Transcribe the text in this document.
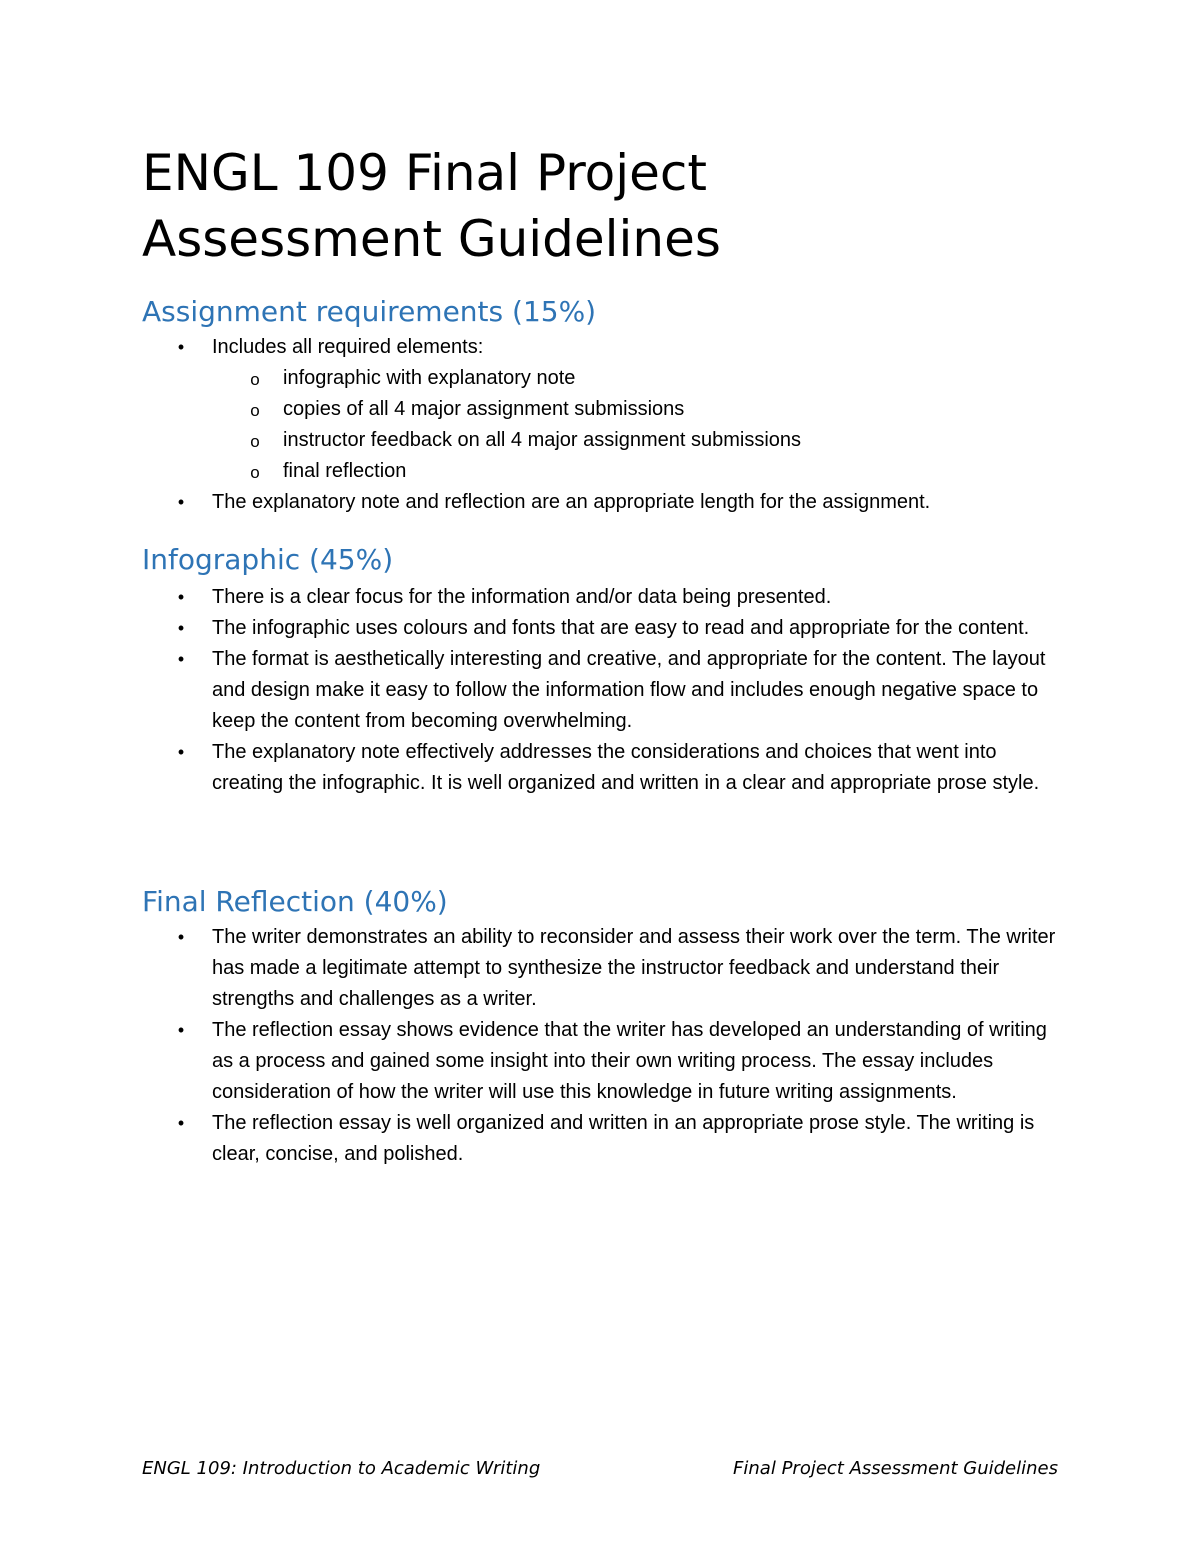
ENGL 109 Final Project
Assessment Guidelines
Assignment requirements (15%)
• Includes all required elements:
o infographic with explanatory note
o copies of all 4 major assignment submissions
o instructor feedback on all 4 major assignment submissions
o final reflection
• The explanatory note and reflection are an appropriate length for the assignment.
Infographic (45%)
• There is a clear focus for the information and/or data being presented.
• The infographic uses colours and fonts that are easy to read and appropriate for the content.
• The format is aesthetically interesting and creative, and appropriate for the content. The layout and design make it easy to follow the information flow and includes enough negative space to keep the content from becoming overwhelming.
• The explanatory note effectively addresses the considerations and choices that went into creating the infographic. It is well organized and written in a clear and appropriate prose style.
Final Reflection (40%)
• The writer demonstrates an ability to reconsider and assess their work over the term. The writer has made a legitimate attempt to synthesize the instructor feedback and understand their strengths and challenges as a writer.
• The reflection essay shows evidence that the writer has developed an understanding of writing as a process and gained some insight into their own writing process. The essay includes consideration of how the writer will use this knowledge in future writing assignments.
• The reflection essay is well organized and written in an appropriate prose style. The writing is clear, concise, and polished.
ENGL 109: Introduction to Academic Writing	Final Project Assessment Guidelines
